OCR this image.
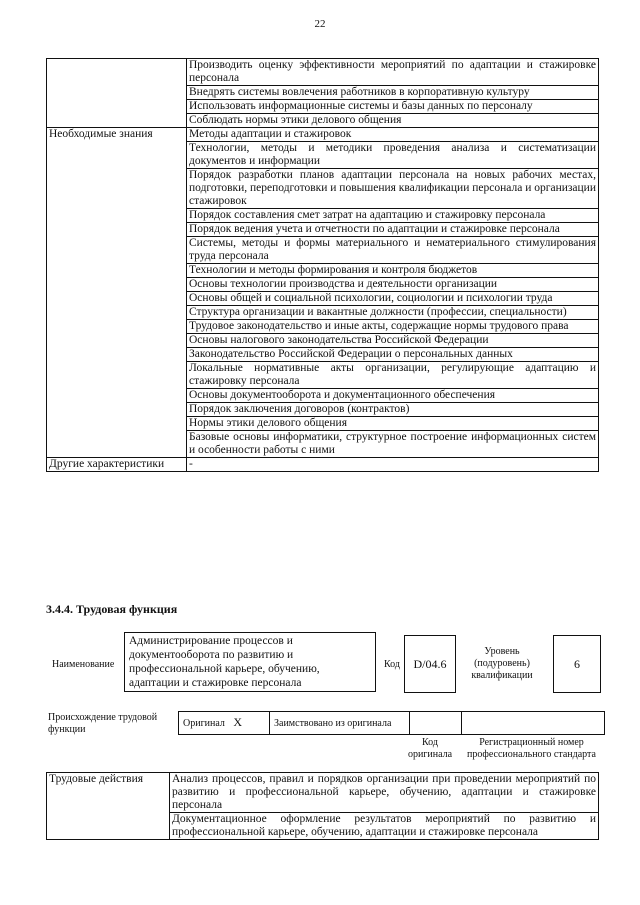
22
	Производить оценку эффективности мероприятий по адаптации и стажировке персонала
	Внедрять системы вовлечения работников в корпоративную культуру
	Использовать информационные системы и базы данных по персоналу
	Соблюдать нормы этики делового общения
Необходимые знания	Методы адаптации и стажировок
	Технологии, методы и методики проведения анализа и систематизации документов и информации
	Порядок разработки планов адаптации персонала на новых рабочих местах, подготовки, переподготовки и повышения квалификации персонала и организации стажировок
	Порядок составления смет затрат на адаптацию и стажировку персонала
	Порядок ведения учета и отчетности по адаптации и стажировке персонала
	Системы, методы и формы материального и нематериального стимулирования труда персонала
	Технологии и методы формирования и контроля бюджетов
	Основы технологии производства и деятельности организации
	Основы общей и социальной психологии, социологии и психологии труда
	Структура организации и вакантные должности (профессии, специальности)
	Трудовое законодательство и иные акты, содержащие нормы трудового права
	Основы налогового законодательства Российской Федерации
	Законодательство Российской Федерации о персональных данных
	Локальные нормативные акты организации, регулирующие адаптацию и стажировку персонала
	Основы документооборота и документационного обеспечения
	Порядок заключения договоров (контрактов)
	Нормы этики делового общения
	Базовые основы информатики, структурное построение информационных систем и особенности работы с ними
Другие характеристики	-
3.4.4. Трудовая функция
Наименование
Администрирование процессов и документооборота по развитию и профессиональной карьере, обучению, адаптации и стажировке персонала
Код D/04.6
Уровень (подуровень) квалификации
6
Происхождение трудовой функции
Оригинал X	Заимствовано из оригинала		
Код оригинала
Регистрационный номер профессионального стандарта
Трудовые действия	Анализ процессов, правил и порядков организации при проведении мероприятий по развитию и профессиональной карьере, обучению, адаптации и стажировке персонала
Документационное оформление результатов мероприятий по развитию и профессиональной карьере, обучению, адаптации и стажировке персонала
